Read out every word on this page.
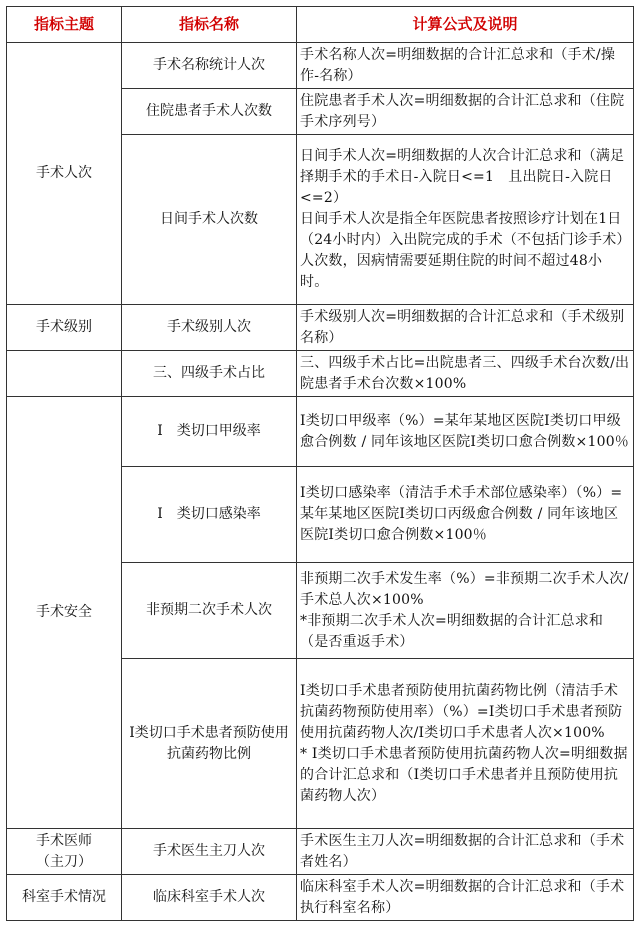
指标主题	指标名称	计算公式及说明
手术人次	手术名称统计人次	手术名称人次=明细数据的合计汇总求和（手术/操作-名称）

	住院患者手术人次数	住院患者手术人次=明细数据的合计汇总求和（住院手术序列号）

	日间手术人次数	日间手术人次=明细数据的人次合计汇总求和（满足择期手术的手术日-入院日<=1　且出院日-入院日<=2）
日间手术人次是指全年医院患者按照诊疗计划在1日（24小时内）入出院完成的手术（不包括门诊手术）人次数，因病情需要延期住院的时间不超过48小时。

手术级别	手术级别人次	手术级别人次=明细数据的合计汇总求和（手术级别名称）

	三、四级手术占比	三、四级手术占比=出院患者三、四级手术台次数/出院患者手术台次数×100%

手术安全	Ⅰ　类切口甲级率	Ⅰ类切口甲级率（%）=某年某地区医院Ⅰ类切口甲级愈合例数 / 同年该地区医院Ⅰ类切口愈合例数×100％

	Ⅰ　类切口感染率	Ⅰ类切口感染率（清洁手术手术部位感染率）（%）=某年某地区医院Ⅰ类切口丙级愈合例数 / 同年该地区医院Ⅰ类切口愈合例数×100％

	非预期二次手术人次	非预期二次手术发生率（%）=非预期二次手术人次/手术总人次×100%
*非预期二次手术人次=明细数据的合计汇总求和（是否重返手术）

	Ⅰ类切口手术患者预防使用抗菌药物比例	Ⅰ类切口手术患者预防使用抗菌药物比例（清洁手术抗菌药物预防使用率）（%）=Ⅰ类切口手术患者预防使用抗菌药物人次/Ⅰ类切口手术患者人次×100%
* Ⅰ类切口手术患者预防使用抗菌药物人次=明细数据的合计汇总求和（Ⅰ类切口手术患者并且预防使用抗菌药物人次）

手术医师
（主刀）	手术医生主刀人次	手术医生主刀人次=明细数据的合计汇总求和（手术者姓名）

科室手术情况	临床科室手术人次	临床科室手术人次=明细数据的合计汇总求和（手术执行科室名称）
